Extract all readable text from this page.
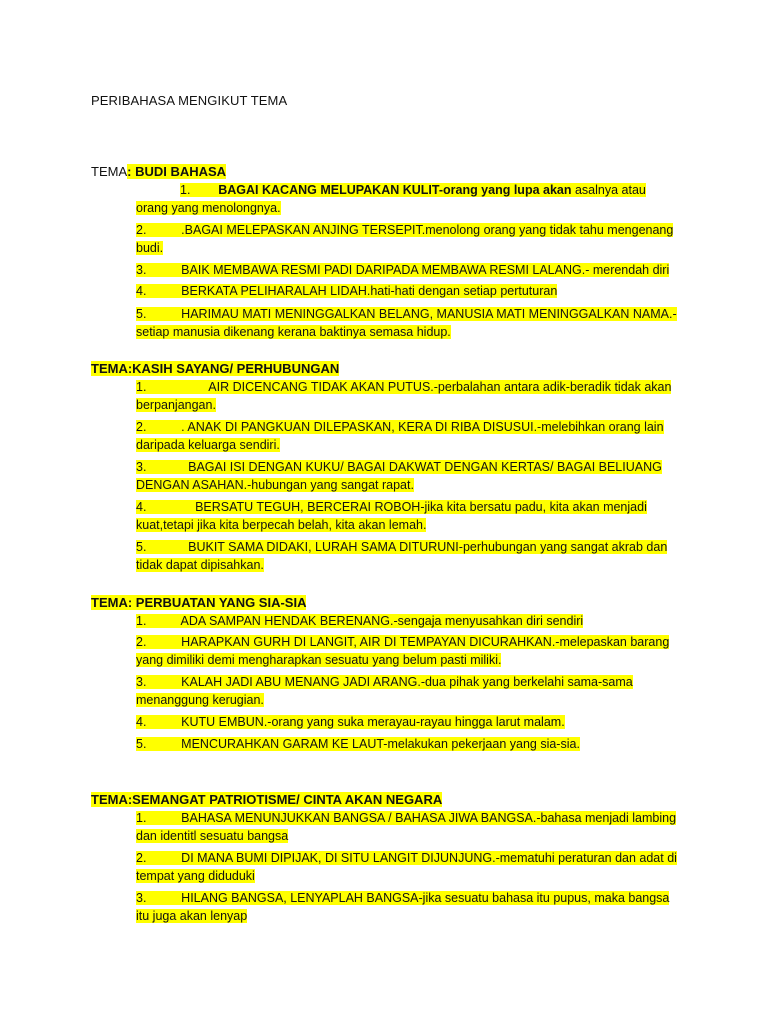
PERIBAHASA MENGIKUT TEMA
TEMA: BUDI BAHASA
1. BAGAI KACANG MELUPAKAN KULIT-orang yang lupa akan asalnya atau orang yang menolongnya.
2.	.BAGAI MELEPASKAN ANJING TERSEPIT.menolong orang yang tidak tahu mengenang budi.
3.	BAIK MEMBAWA RESMI PADI DARIPADA MEMBAWA RESMI LALANG.- merendah diri
4.	BERKATA PELIHARALAH LIDAH.hati-hati dengan setiap pertuturan
5.	HARIMAU MATI MENINGGALKAN BELANG, MANUSIA MATI MENINGGALKAN NAMA.-setiap manusia dikenang kerana baktinya semasa hidup.
TEMA:KASIH SAYANG/ PERHUBUNGAN
1.	AIR DICENCANG TIDAK AKAN PUTUS.-perbalahan antara adik-beradik tidak akan berpanjangan.
2.	. ANAK DI PANGKUAN DILEPASKAN, KERA DI RIBA DISUSUI.-melebihkan orang lain daripada keluarga sendiri.
3.	BAGAI ISI DENGAN KUKU/ BAGAI DAKWAT DENGAN KERTAS/ BAGAI BELIUANG DENGAN ASAHAN.-hubungan yang sangat rapat.
4.	BERSATU TEGUH, BERCERAI ROBOH-jika kita bersatu padu, kita akan menjadi kuat,tetapi jika kita berpecah belah, kita akan lemah.
5.	BUKIT SAMA DIDAKI, LURAH SAMA DITURUNI-perhubungan yang sangat akrab dan tidak dapat dipisahkan.
TEMA: PERBUATAN YANG SIA-SIA
1.	ADA SAMPAN HENDAK BERENANG.-sengaja menyusahkan diri sendiri
2.	HARAPKAN GURH DI LANGIT, AIR DI TEMPAYAN DICURAHKAN.-melepaskan barang yang dimiliki demi mengharapkan sesuatu yang belum pasti miliki.
3.	KALAH JADI ABU MENANG JADI ARANG.-dua pihak yang berkelahi sama-sama menanggung kerugian.
4.	KUTU EMBUN.-orang yang suka merayau-rayau hingga larut malam.
5.	MENCURAHKAN GARAM KE LAUT-melakukan pekerjaan yang sia-sia.
TEMA:SEMANGAT PATRIOTISME/ CINTA AKAN NEGARA
1.	BAHASA MENUNJUKKAN BANGSA / BAHASA JIWA BANGSA.-bahasa menjadi lambing dan identitl sesuatu bangsa
2.	DI MANA BUMI DIPIJAK, DI SITU LANGIT DIJUNJUNG.-mematuhi peraturan dan adat di tempat yang diduduki
3.	HILANG BANGSA, LENYAPLAH BANGSA-jika sesuatu bahasa itu pupus, maka bangsa itu juga akan lenyap
